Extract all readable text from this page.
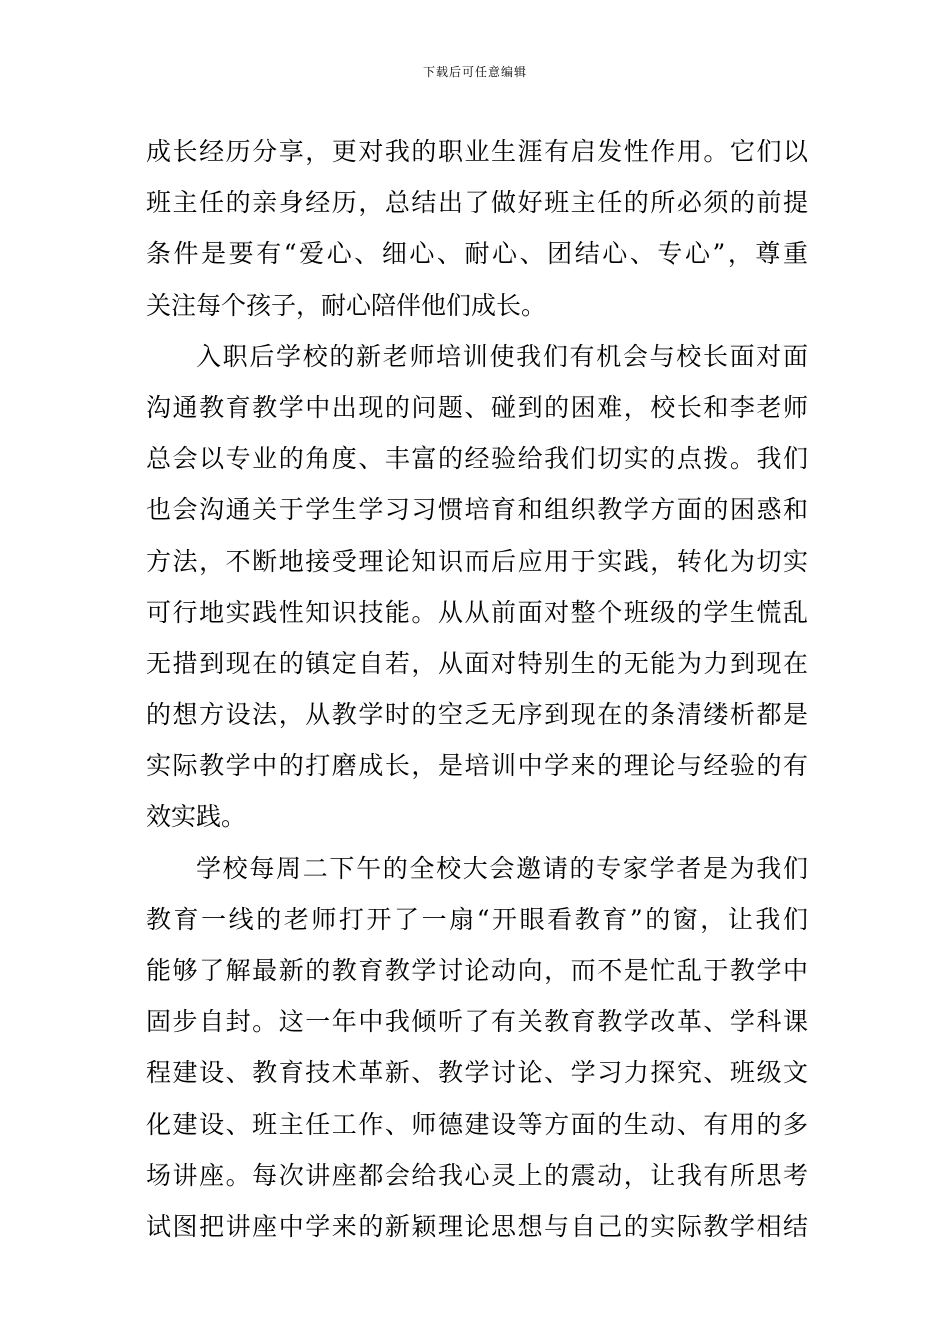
下载后可任意编辑
成长经历分享，更对我的职业生涯有启发性作用。它们以
班主任的亲身经历，总结出了做好班主任的所必须的前提
条件是要有“爱心、细心、耐心、团结心、专心”，尊重
关注每个孩子，耐心陪伴他们成长。
入职后学校的新老师培训使我们有机会与校长面对面
沟通教育教学中出现的问题、碰到的困难，校长和李老师
总会以专业的角度、丰富的经验给我们切实的点拨。我们
也会沟通关于学生学习习惯培育和组织教学方面的困惑和
方法，不断地接受理论知识而后应用于实践，转化为切实
可行地实践性知识技能。从从前面对整个班级的学生慌乱
无措到现在的镇定自若，从面对特别生的无能为力到现在
的想方设法，从教学时的空乏无序到现在的条清缕析都是
实际教学中的打磨成长，是培训中学来的理论与经验的有
效实践。
学校每周二下午的全校大会邀请的专家学者是为我们
教育一线的老师打开了一扇“开眼看教育”的窗，让我们
能够了解最新的教育教学讨论动向，而不是忙乱于教学中
固步自封。这一年中我倾听了有关教育教学改革、学科课
程建设、教育技术革新、教学讨论、学习力探究、班级文
化建设、班主任工作、师德建设等方面的生动、有用的多
场讲座。每次讲座都会给我心灵上的震动，让我有所思考
试图把讲座中学来的新颖理论思想与自己的实际教学相结
